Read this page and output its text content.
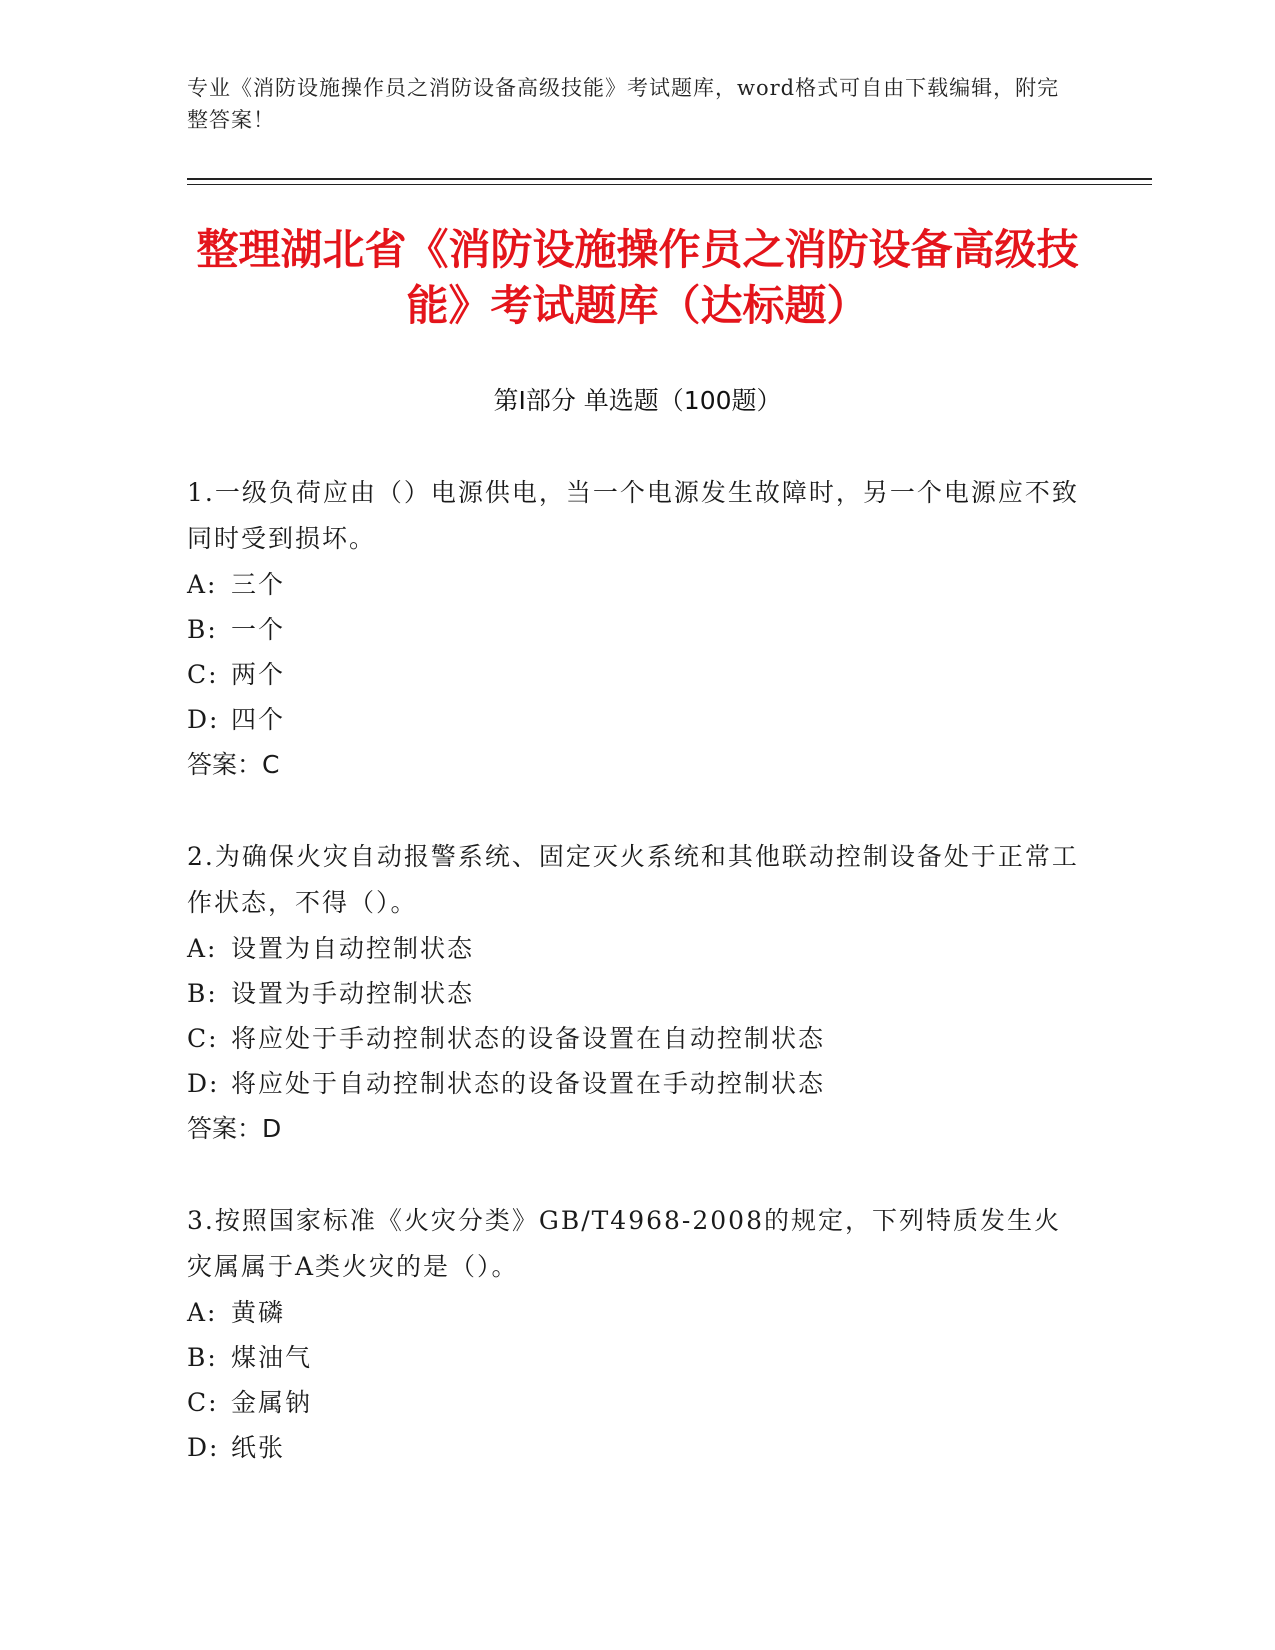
专业《消防设施操作员之消防设备高级技能》考试题库，word格式可自由下载编辑，附完整答案！
整理湖北省《消防设施操作员之消防设备高级技能》考试题库（达标题）
第Ⅰ部分 单选题（100题）
1.一级负荷应由（）电源供电，当一个电源发生故障时，另一个电源应不致同时受到损坏。
A: 三个
B: 一个
C: 两个
D: 四个
答案：C
2.为确保火灾自动报警系统、固定灭火系统和其他联动控制设备处于正常工作状态，不得（）。
A: 设置为自动控制状态
B: 设置为手动控制状态
C: 将应处于手动控制状态的设备设置在自动控制状态
D: 将应处于自动控制状态的设备设置在手动控制状态
答案：D
3.按照国家标准《火灾分类》GB/T4968-2008的规定，下列特质发生火灾属属于A类火灾的是（）。
A: 黄磷
B: 煤油气
C: 金属钠
D: 纸张
